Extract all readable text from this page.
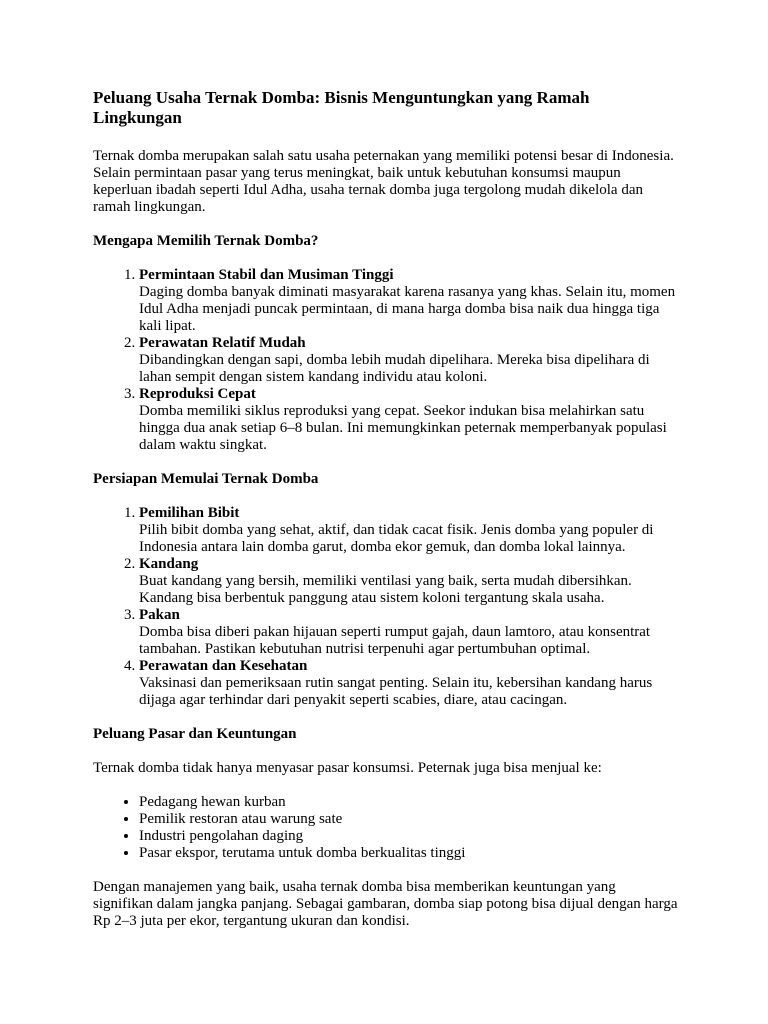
Peluang Usaha Ternak Domba: Bisnis Menguntungkan yang Ramah Lingkungan

Ternak domba merupakan salah satu usaha peternakan yang memiliki potensi besar di Indonesia. Selain permintaan pasar yang terus meningkat, baik untuk kebutuhan konsumsi maupun keperluan ibadah seperti Idul Adha, usaha ternak domba juga tergolong mudah dikelola dan ramah lingkungan.

Mengapa Memilih Ternak Domba?
1. Permintaan Stabil dan Musiman Tinggi
Daging domba banyak diminati masyarakat karena rasanya yang khas. Selain itu, momen Idul Adha menjadi puncak permintaan, di mana harga domba bisa naik dua hingga tiga kali lipat.
2. Perawatan Relatif Mudah
Dibandingkan dengan sapi, domba lebih mudah dipelihara. Mereka bisa dipelihara di lahan sempit dengan sistem kandang individu atau koloni.
3. Reproduksi Cepat
Domba memiliki siklus reproduksi yang cepat. Seekor indukan bisa melahirkan satu hingga dua anak setiap 6–8 bulan. Ini memungkinkan peternak memperbanyak populasi dalam waktu singkat.
Persiapan Memulai Ternak Domba
1. Pemilihan Bibit
Pilih bibit domba yang sehat, aktif, dan tidak cacat fisik. Jenis domba yang populer di Indonesia antara lain domba garut, domba ekor gemuk, dan domba lokal lainnya.
2. Kandang
Buat kandang yang bersih, memiliki ventilasi yang baik, serta mudah dibersihkan. Kandang bisa berbentuk panggung atau sistem koloni tergantung skala usaha.
3. Pakan
Domba bisa diberi pakan hijauan seperti rumput gajah, daun lamtoro, atau konsentrat tambahan. Pastikan kebutuhan nutrisi terpenuhi agar pertumbuhan optimal.
4. Perawatan dan Kesehatan
Vaksinasi dan pemeriksaan rutin sangat penting. Selain itu, kebersihan kandang harus dijaga agar terhindar dari penyakit seperti scabies, diare, atau cacingan.
Peluang Pasar dan Keuntungan

Ternak domba tidak hanya menyasar pasar konsumsi. Peternak juga bisa menjual ke:

• Pedagang hewan kurban
• Pemilik restoran atau warung sate
• Industri pengolahan daging
• Pasar ekspor, terutama untuk domba berkualitas tinggi

Dengan manajemen yang baik, usaha ternak domba bisa memberikan keuntungan yang signifikan dalam jangka panjang. Sebagai gambaran, domba siap potong bisa dijual dengan harga Rp 2–3 juta per ekor, tergantung ukuran dan kondisi.
